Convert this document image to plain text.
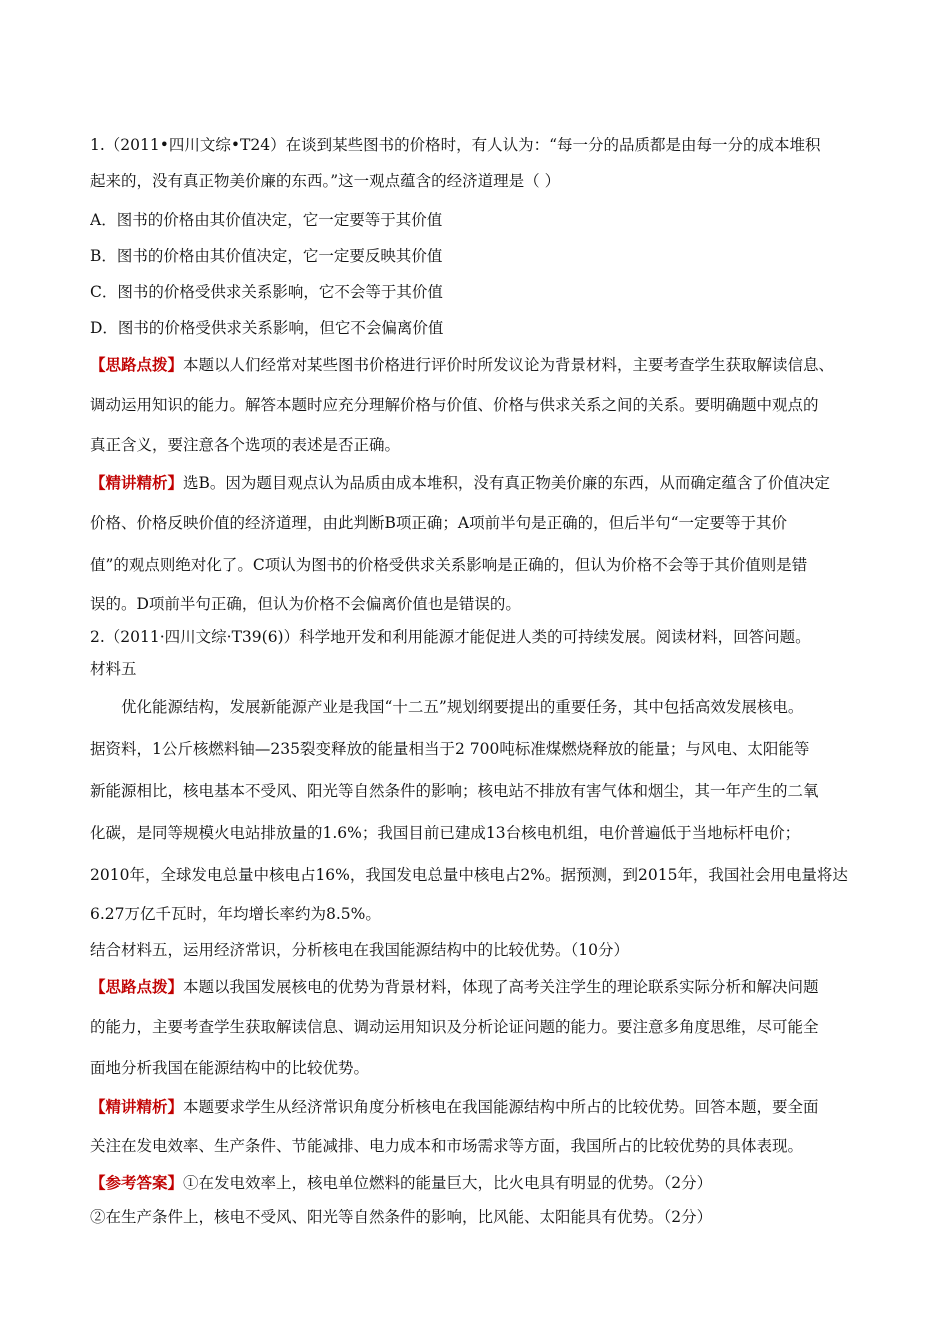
1.（2011•四川文综•T24）在谈到某些图书的价格时，有人认为：“每一分的品质都是由每一分的成本堆积
起来的，没有真正物美价廉的东西。”这一观点蕴含的经济道理是（ ）
A．图书的价格由其价值决定，它一定要等于其价值
B．图书的价格由其价值决定，它一定要反映其价值
C．图书的价格受供求关系影响，它不会等于其价值
D．图书的价格受供求关系影响，但它不会偏离价值
【思路点拨】本题以人们经常对某些图书价格进行评价时所发议论为背景材料，主要考查学生获取解读信息、
调动运用知识的能力。解答本题时应充分理解价格与价值、价格与供求关系之间的关系。要明确题中观点的
真正含义，要注意各个选项的表述是否正确。
【精讲精析】选B。因为题目观点认为品质由成本堆积，没有真正物美价廉的东西，从而确定蕴含了价值决定
价格、价格反映价值的经济道理，由此判断B项正确；A项前半句是正确的，但后半句“一定要等于其价
值”的观点则绝对化了。C项认为图书的价格受供求关系影响是正确的，但认为价格不会等于其价值则是错
误的。D项前半句正确，但认为价格不会偏离价值也是错误的。
2.（2011·四川文综·T39(6)）科学地开发和利用能源才能促进人类的可持续发展。阅读材料，回答问题。
材料五
优化能源结构，发展新能源产业是我国“十二五”规划纲要提出的重要任务，其中包括高效发展核电。
据资料，1公斤核燃料铀—235裂变释放的能量相当于2 700吨标准煤燃烧释放的能量；与风电、太阳能等
新能源相比，核电基本不受风、阳光等自然条件的影响；核电站不排放有害气体和烟尘，其一年产生的二氧
化碳，是同等规模火电站排放量的1.6%；我国目前已建成13台核电机组，电价普遍低于当地标杆电价；
2010年，全球发电总量中核电占16%，我国发电总量中核电占2%。据预测，到2015年，我国社会用电量将达
6.27万亿千瓦时，年均增长率约为8.5%。
结合材料五，运用经济常识，分析核电在我国能源结构中的比较优势。（10分）
【思路点拨】本题以我国发展核电的优势为背景材料，体现了高考关注学生的理论联系实际分析和解决问题
的能力，主要考查学生获取解读信息、调动运用知识及分析论证问题的能力。要注意多角度思维，尽可能全
面地分析我国在能源结构中的比较优势。
【精讲精析】本题要求学生从经济常识角度分析核电在我国能源结构中所占的比较优势。回答本题，要全面
关注在发电效率、生产条件、节能减排、电力成本和市场需求等方面，我国所占的比较优势的具体表现。
【参考答案】①在发电效率上，核电单位燃料的能量巨大，比火电具有明显的优势。（2分）
②在生产条件上，核电不受风、阳光等自然条件的影响，比风能、太阳能具有优势。（2分）
